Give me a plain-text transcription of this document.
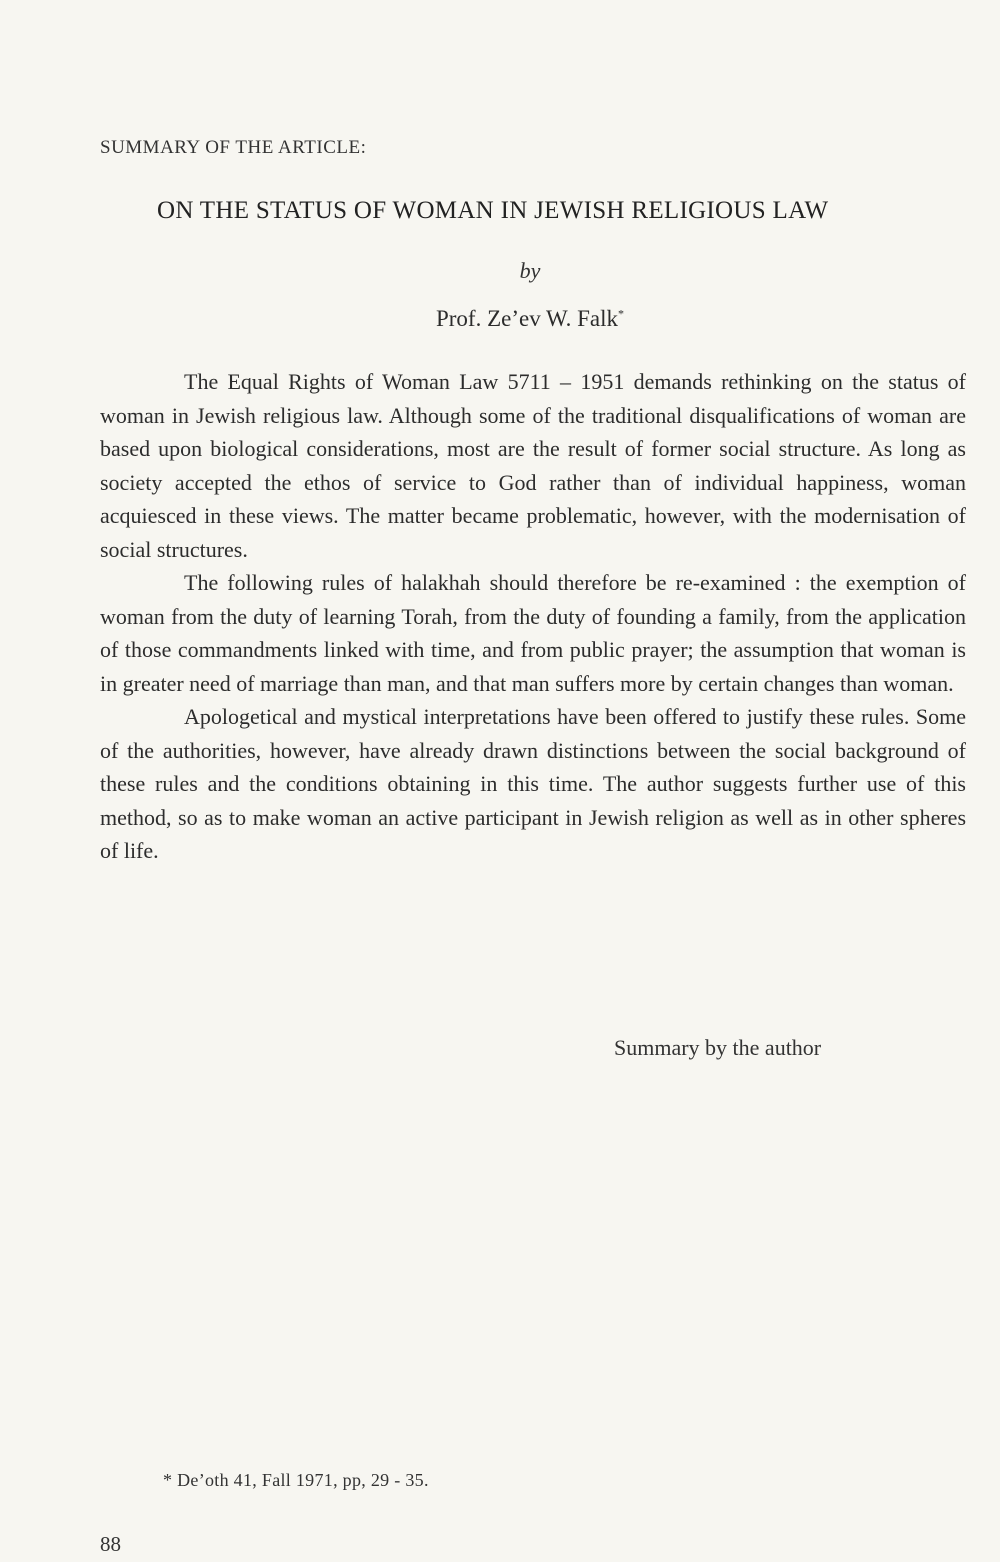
SUMMARY OF THE ARTICLE:
ON THE STATUS OF WOMAN IN JEWISH RELIGIOUS LAW
by
Prof. Ze’ev W. Falk*

The Equal Rights of Woman Law 5711 – 1951 demands rethinking on the status of woman in Jewish religious law. Although some of the traditional disqualifications of woman are based upon biological considerations, most are the result of former social structure. As long as society accepted the ethos of service to God rather than of individual happiness, woman acquiesced in these views. The matter became problematic, however, with the modernisation of social structures.

The following rules of halakhah should therefore be re-examined : the exemption of woman from the duty of learning Torah, from the duty of founding a family, from the application of those commandments linked with time, and from public prayer; the assumption that woman is in greater need of marriage than man, and that man suffers more by certain changes than woman.

Apologetical and mystical interpretations have been offered to justify these rules. Some of the authorities, however, have already drawn distinctions between the social background of these rules and the conditions obtaining in this time. The author suggests further use of this method, so as to make woman an active participant in Jewish religion as well as in other spheres of life.

Summary by the author
* De’oth 41, Fall 1971, pp, 29 - 35.
88
